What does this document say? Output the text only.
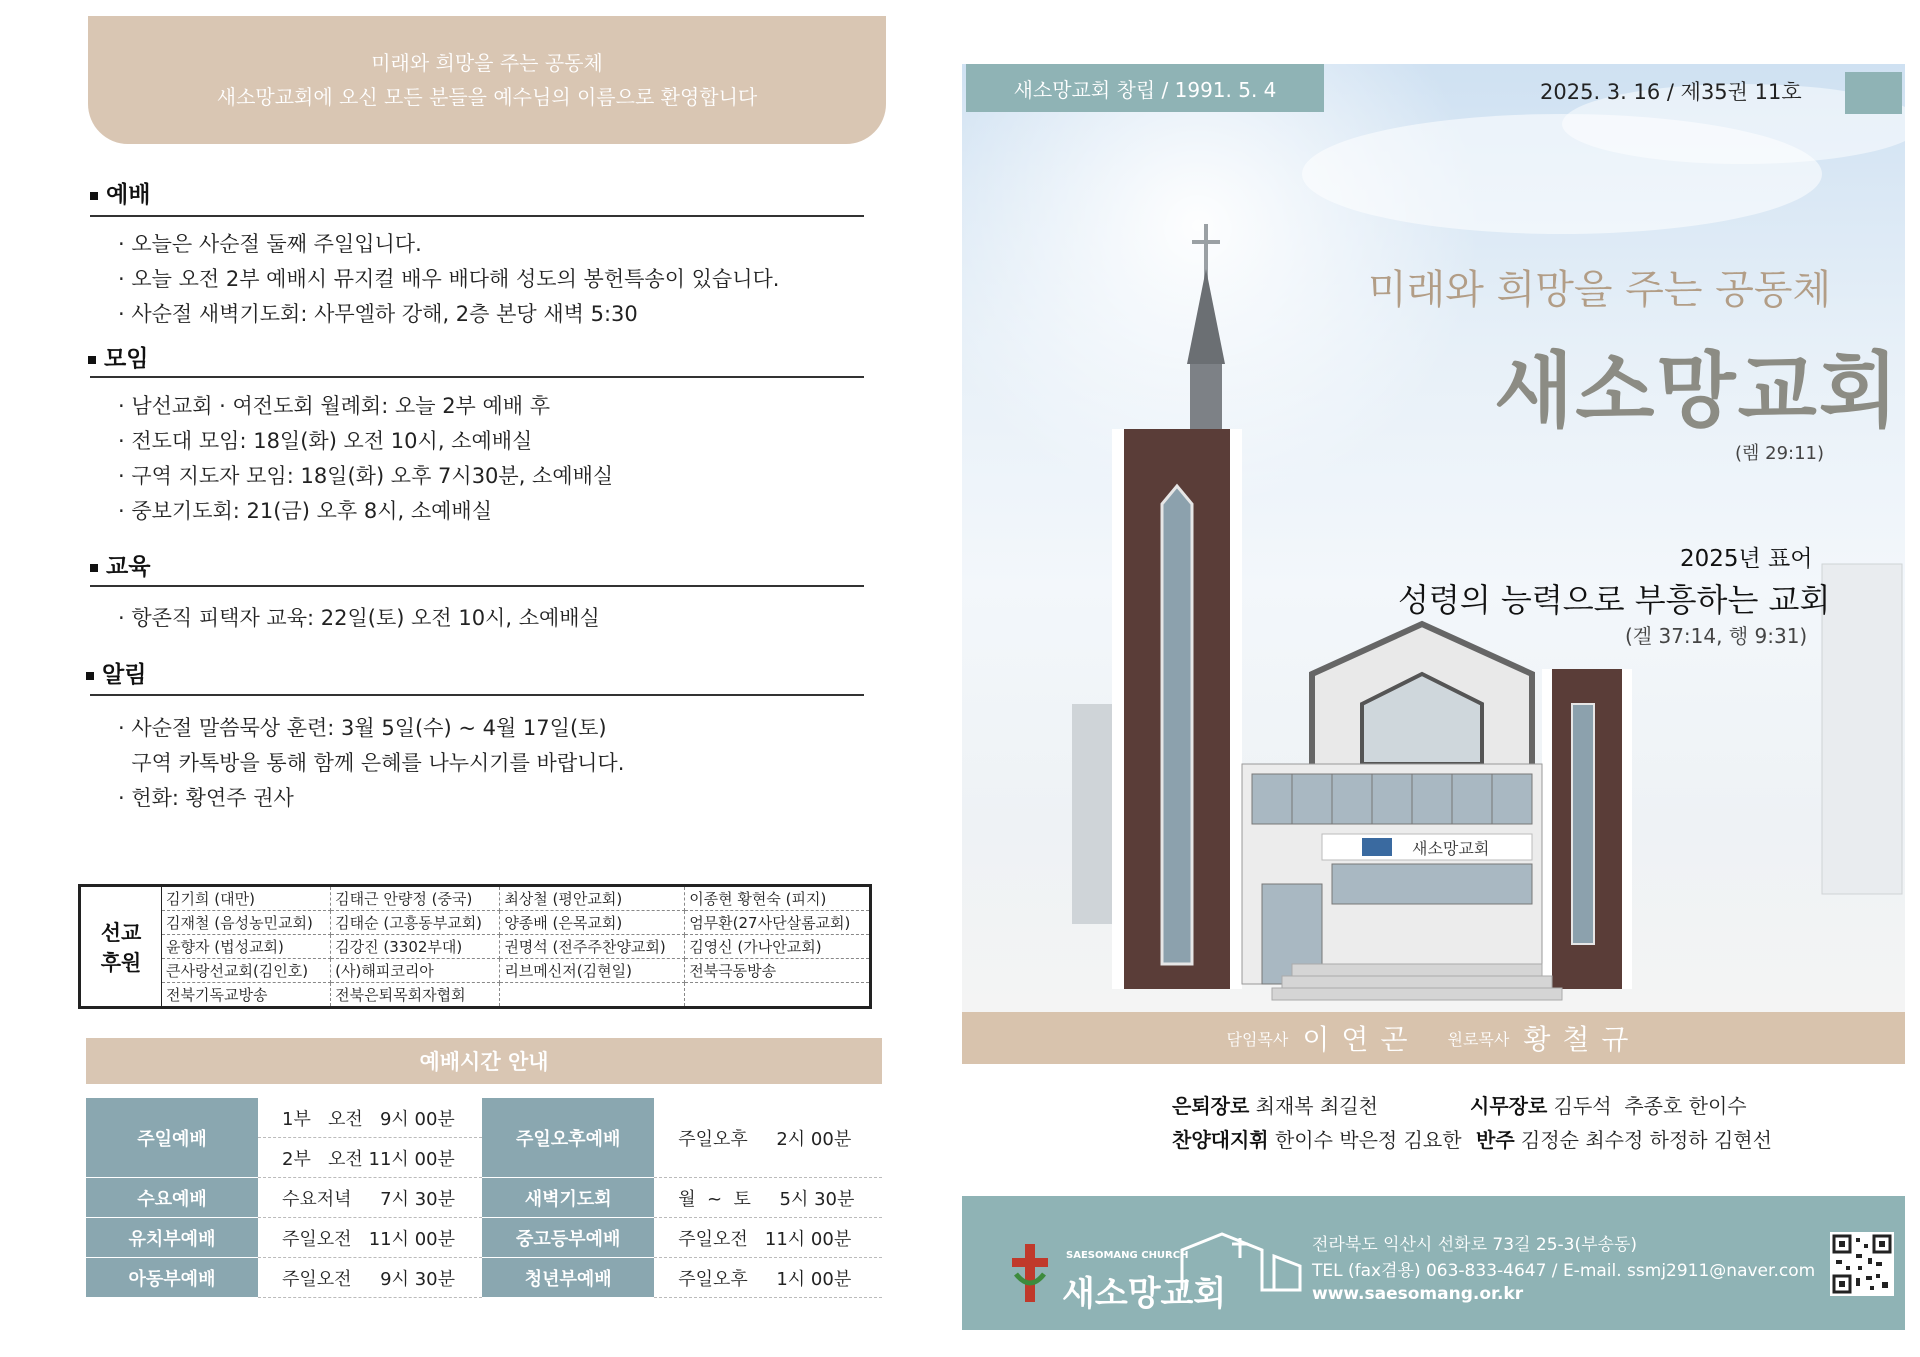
미래와 희망을 주는 공동체
새소망교회에 오신 모든 분들을 예수님의 이름으로 환영합니다
예배
· 오늘은 사순절 둘째 주일입니다.
· 오늘 오전 2부 예배시 뮤지컬 배우 배다해 성도의 봉헌특송이 있습니다.
· 사순절 새벽기도회: 사무엘하 강해, 2층 본당 새벽 5:30
모임
· 남선교회 · 여전도회 월례회: 오늘 2부 예배 후
· 전도대 모임: 18일(화) 오전 10시, 소예배실
· 구역 지도자 모임: 18일(화) 오후 7시30분, 소예배실
· 중보기도회: 21(금) 오후 8시, 소예배실
교육
· 항존직 피택자 교육: 22일(토) 오전 10시, 소예배실
알림
· 사순절 말씀묵상 훈련: 3월 5일(수) ~ 4월 17일(토)
구역 카톡방을 통해 함께 은혜를 나누시기를 바랍니다.
· 헌화: 황연주 권사
선교
후원	김기희 (대만)	김태근 안량정 (중국)	최상철 (평안교회)	이종현 황현숙 (피지)
	김재철 (음성농민교회)	김태순 (고흥동부교회)	양종배 (은목교회)	엄무환(27사단살롬교회)
	윤향자 (법성교회)	김강진 (3302부대)	권명석 (전주주찬양교회)	김영신 (가나안교회)
	큰사랑선교회(김인호)	(사)해피코리아	리브메신저(김현일)	전북극동방송
	전북기독교방송	전북은퇴목회자협회		
예배시간 안내
주일예배	1부   오전   9시 00분	주일오후예배	주일오후     2시 00분
	2부   오전 11시 00분		
수요예배	수요저녁     7시 30분	새벽기도회	월  ~  토     5시 30분
유치부예배	주일오전   11시 00분	중고등부예배	주일오전   11시 00분
아동부예배	주일오전     9시 30분	청년부예배	주일오후     1시 00분
새소망교회
새소망교회 창립 / 1991. 5. 4	2025. 3. 16 / 제35권 11호
미래와 희망을 주는 공동체
새소망교회
(렘 29:11)
2025년 표어
성령의 능력으로 부흥하는 교회
(겔 37:14, 행 9:31)
담임목사 이연곤 원로목사 황철규
은퇴장로 최재복 최길천	시무장로 김두석  추종호 한이수
찬양대지휘 한이수 박은정 김요한 반주 김정순 최수정 하정하 김현선
SAESOMANG CHURCH
새소망교회
전라북도 익산시 선화로 73길 25-3(부송동)
TEL (fax겸용) 063-833-4647 / E-mail. ssmj2911@naver.com
www.saesomang.or.kr
